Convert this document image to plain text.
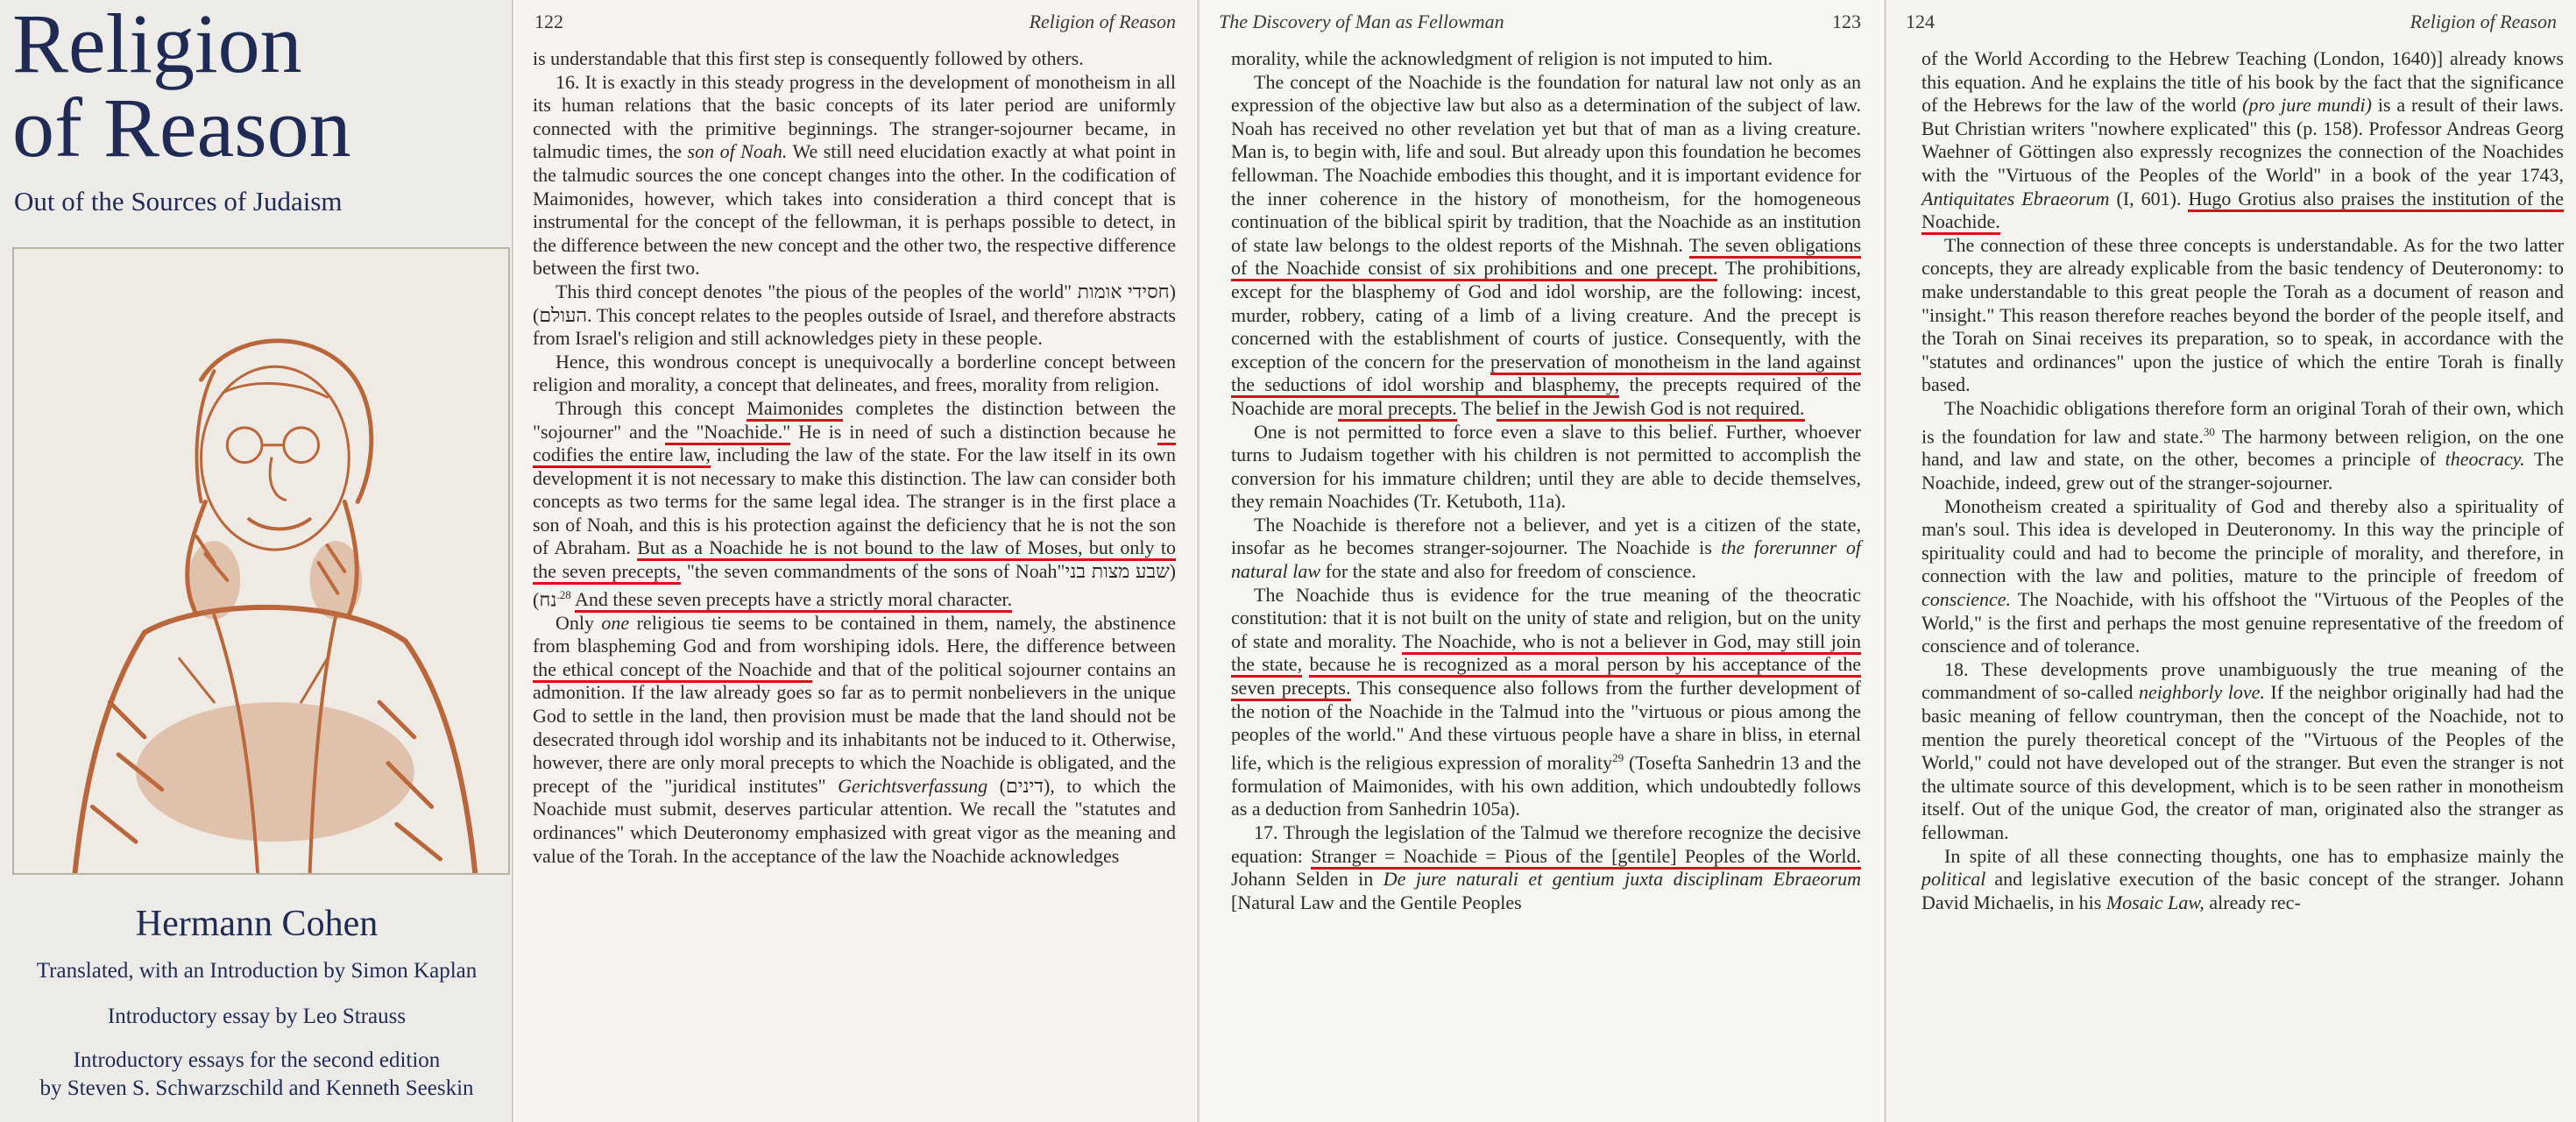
Religion
of Reason
Out of the Sources of Judaism
Hermann Cohen
Translated, with an Introduction by Simon Kaplan
Introductory essay by Leo Strauss
Introductory essays for the second edition
by Steven S. Schwarzschild and Kenneth Seeskin
122	Religion of Reason

is understandable that this first step is consequently followed by others.

16. It is exactly in this steady progress in the development of monotheism in all its human relations that the basic concepts of its later period are uniformly connected with the primitive beginnings. The stranger-sojourner became, in talmudic times, the son of Noah. We still need elucidation exactly at what point in the talmudic sources the one concept changes into the other. In the codification of Maimonides, however, which takes into consideration a third concept that is instrumental for the concept of the fellowman, it is perhaps possible to detect, in the difference between the new concept and the other two, the respective difference between the first two.

This third concept denotes "the pious of the peoples of the world" (חסידי אומות העולם). This concept relates to the peoples outside of Israel, and therefore abstracts from Israel's religion and still acknowledges piety in these people.

Hence, this wondrous concept is unequivocally a borderline concept between religion and morality, a concept that delineates, and frees, morality from religion.

Through this concept Maimonides completes the distinction between the "sojourner" and the "Noachide." He is in need of such a distinction because he codifies the entire law, including the law of the state. For the law itself in its own development it is not necessary to make this distinction. The law can consider both concepts as two terms for the same legal idea. The stranger is in the first place a son of Noah, and this is his protection against the deficiency that he is not the son of Abraham. But as a Noachide he is not bound to the law of Moses, but only to the seven precepts, "the seven commandments of the sons of Noah"(שבע מצות בני נח)$^{.28}$ And these seven precepts have a strictly moral character.

Only one religious tie seems to be contained in them, namely, the abstinence from blaspheming God and from worshiping idols. Here, the difference between the ethical concept of the Noachide and that of the political sojourner contains an admonition. If the law already goes so far as to permit nonbelievers in the unique God to settle in the land, then provision must be made that the land should not be desecrated through idol worship and its inhabitants not be induced to it. Otherwise, however, there are only moral precepts to which the Noachide is obligated, and the precept of the "juridical institutes" Gerichtsverfassung (דינים), to which the Noachide must submit, deserves particular attention. We recall the "statutes and ordinances" which Deuteronomy emphasized with great vigor as the meaning and value of the Torah. In the acceptance of the law the Noachide acknowledges

The Discovery of Man as Fellowman	123

morality, while the acknowledgment of religion is not imputed to him.

The concept of the Noachide is the foundation for natural law not only as an expression of the objective law but also as a determination of the subject of law. Noah has received no other revelation yet but that of man as a living creature. Man is, to begin with, life and soul. But already upon this foundation he becomes fellowman. The Noachide embodies this thought, and it is important evidence for the inner coherence in the history of monotheism, for the homogeneous continuation of the biblical spirit by tradition, that the Noachide as an institution of state law belongs to the oldest reports of the Mishnah. The seven obligations of the Noachide consist of six prohibitions and one precept. The prohibitions, except for the blasphemy of God and idol worship, are the following: incest, murder, robbery, cating of a limb of a living creature. And the precept is concerned with the establishment of courts of justice. Consequently, with the exception of the concern for the preservation of monotheism in the land against the seductions of idol worship and blasphemy, the precepts required of the Noachide are moral precepts. The belief in the Jewish God is not required.

One is not permitted to force even a slave to this belief. Further, whoever turns to Judaism together with his children is not permitted to accomplish the conversion for his immature children; until they are able to decide themselves, they remain Noachides (Tr. Ketuboth, 11a).

The Noachide is therefore not a believer, and yet is a citizen of the state, insofar as he becomes stranger-sojourner. The Noachide is the forerunner of natural law for the state and also for freedom of conscience.

The Noachide thus is evidence for the true meaning of the theocratic constitution: that it is not built on the unity of state and religion, but on the unity of state and morality. The Noachide, who is not a believer in God, may still join the state, because he is recognized as a moral person by his acceptance of the seven precepts. This consequence also follows from the further development of the notion of the Noachide in the Talmud into the "virtuous or pious among the peoples of the world." And these virtuous people have a share in bliss, in eternal life, which is the religious expression of morality$^{29}$ (Tosefta Sanhedrin 13 and the formulation of Maimonides, with his own addition, which undoubtedly follows as a deduction from Sanhedrin 105a).

17. Through the legislation of the Talmud we therefore recognize the decisive equation: Stranger = Noachide = Pious of the [gentile] Peoples of the World. Johann Selden in De jure naturali et gentium juxta disciplinam Ebraeorum [Natural Law and the Gentile Peoples

124	Religion of Reason

of the World According to the Hebrew Teaching (London, 1640)] already knows this equation. And he explains the title of his book by the fact that the significance of the Hebrews for the law of the world (pro jure mundi) is a result of their laws. But Christian writers "nowhere explicated" this (p. 158). Professor Andreas Georg Waehner of Göttingen also expressly recognizes the connection of the Noachides with the "Virtuous of the Peoples of the World" in a book of the year 1743, Antiquitates Ebraeorum (I, 601). Hugo Grotius also praises the institution of the Noachide.

The connection of these three concepts is understandable. As for the two latter concepts, they are already explicable from the basic tendency of Deuteronomy: to make understandable to this great people the Torah as a document of reason and "insight." This reason therefore reaches beyond the border of the people itself, and the Torah on Sinai receives its preparation, so to speak, in accordance with the "statutes and ordinances" upon the justice of which the entire Torah is finally based.

The Noachidic obligations therefore form an original Torah of their own, which is the foundation for law and state.$^{30}$ The harmony between religion, on the one hand, and law and state, on the other, becomes a principle of theocracy. The Noachide, indeed, grew out of the stranger-sojourner.

Monotheism created a spirituality of God and thereby also a spirituality of man's soul. This idea is developed in Deuteronomy. In this way the principle of spirituality could and had to become the principle of morality, and therefore, in connection with the law and polities, mature to the principle of freedom of conscience. The Noachide, with his offshoot the "Virtuous of the Peoples of the World," is the first and perhaps the most genuine representative of the freedom of conscience and of tolerance.

18. These developments prove unambiguously the true meaning of the commandment of so-called neighborly love. If the neighbor originally had had the basic meaning of fellow countryman, then the concept of the Noachide, not to mention the purely theoretical concept of the "Virtuous of the Peoples of the World," could not have developed out of the stranger. But even the stranger is not the ultimate source of this development, which is to be seen rather in monotheism itself. Out of the unique God, the creator of man, originated also the stranger as fellowman.

In spite of all these connecting thoughts, one has to emphasize mainly the political and legislative execution of the basic concept of the stranger. Johann David Michaelis, in his Mosaic Law, already rec-
